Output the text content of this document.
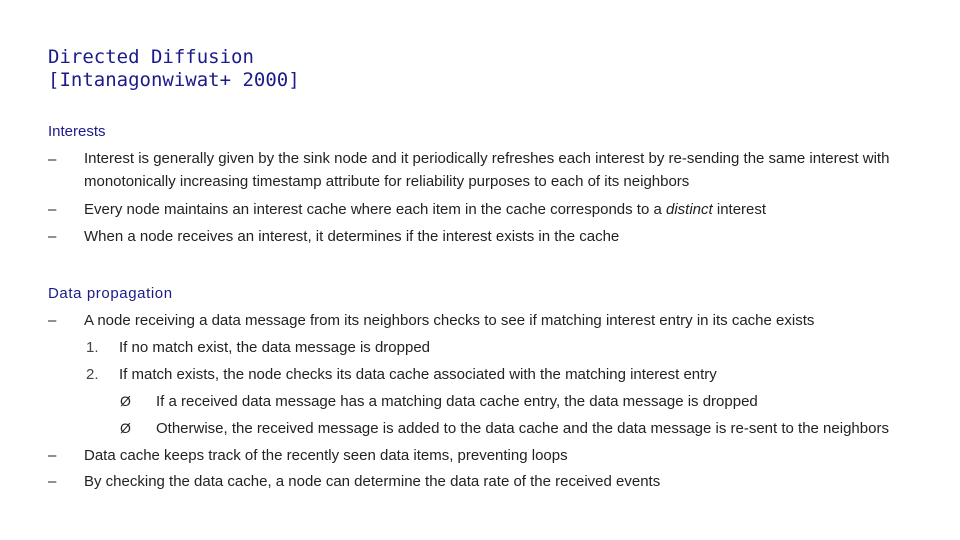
Directed Diffusion
[Intanagonwiwat+ 2000]
Interests
– Interest is generally given by the sink node and it periodically refreshes each interest by re-sending the same interest with
monotonically increasing timestamp attribute for reliability purposes to each of its neighbors
– Every node maintains an interest cache where each item in the cache corresponds to a distinct interest
– When a node receives an interest, it determines if the interest exists in the cache
Data propagation
– A node receiving a data message from its neighbors checks to see if matching interest entry in its cache exists
1. If no match exist, the data message is dropped
2. If match exists, the node checks its data cache associated with the matching interest entry
Ø If a received data message has a matching data cache entry, the data message is dropped
Ø Otherwise, the received message is added to the data cache and the data message is re-sent to the neighbors
– Data cache keeps track of the recently seen data items, preventing loops
– By checking the data cache, a node can determine the data rate of the received events
